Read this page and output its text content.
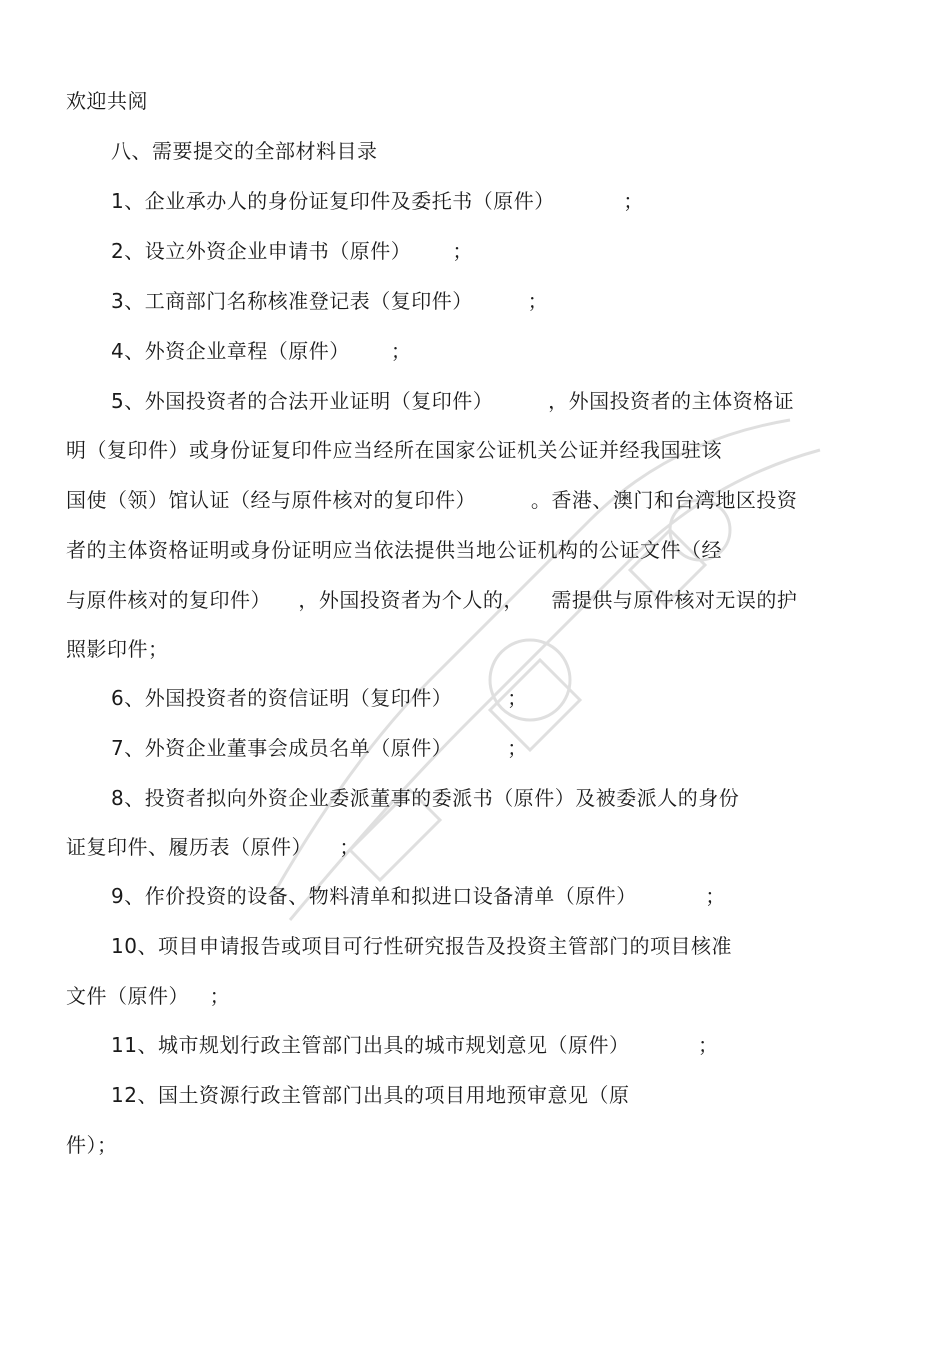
欢迎共阅
八、需要提交的全部材料目录
1、企业承办人的身份证复印件及委托书（原件）          ；
2、设立外资企业申请书（原件）      ；
3、工商部门名称核准登记表（复印件）        ；
4、外资企业章程（原件）      ；
5、外国投资者的合法开业证明（复印件）        ，外国投资者的主体资格证
明（复印件）或身份证复印件应当经所在国家公证机关公证并经我国驻该
国使（领）馆认证（经与原件核对的复印件）        。香港、澳门和台湾地区投资
者的主体资格证明或身份证明应当依法提供当地公证机构的公证文件（经
与原件核对的复印件）    ，外国投资者为个人的，    需提供与原件核对无误的护
照影印件；
6、外国投资者的资信证明（复印件）        ；
7、外资企业董事会成员名单（原件）        ；
8、投资者拟向外资企业委派董事的委派书（原件）及被委派人的身份
证复印件、履历表（原件）    ；
9、作价投资的设备、物料清单和拟进口设备清单（原件）          ；
10、项目申请报告或项目可行性研究报告及投资主管部门的项目核准
文件（原件）   ；
11、城市规划行政主管部门出具的城市规划意见（原件）          ；
12、国土资源行政主管部门出具的项目用地预审意见（原
件）；
